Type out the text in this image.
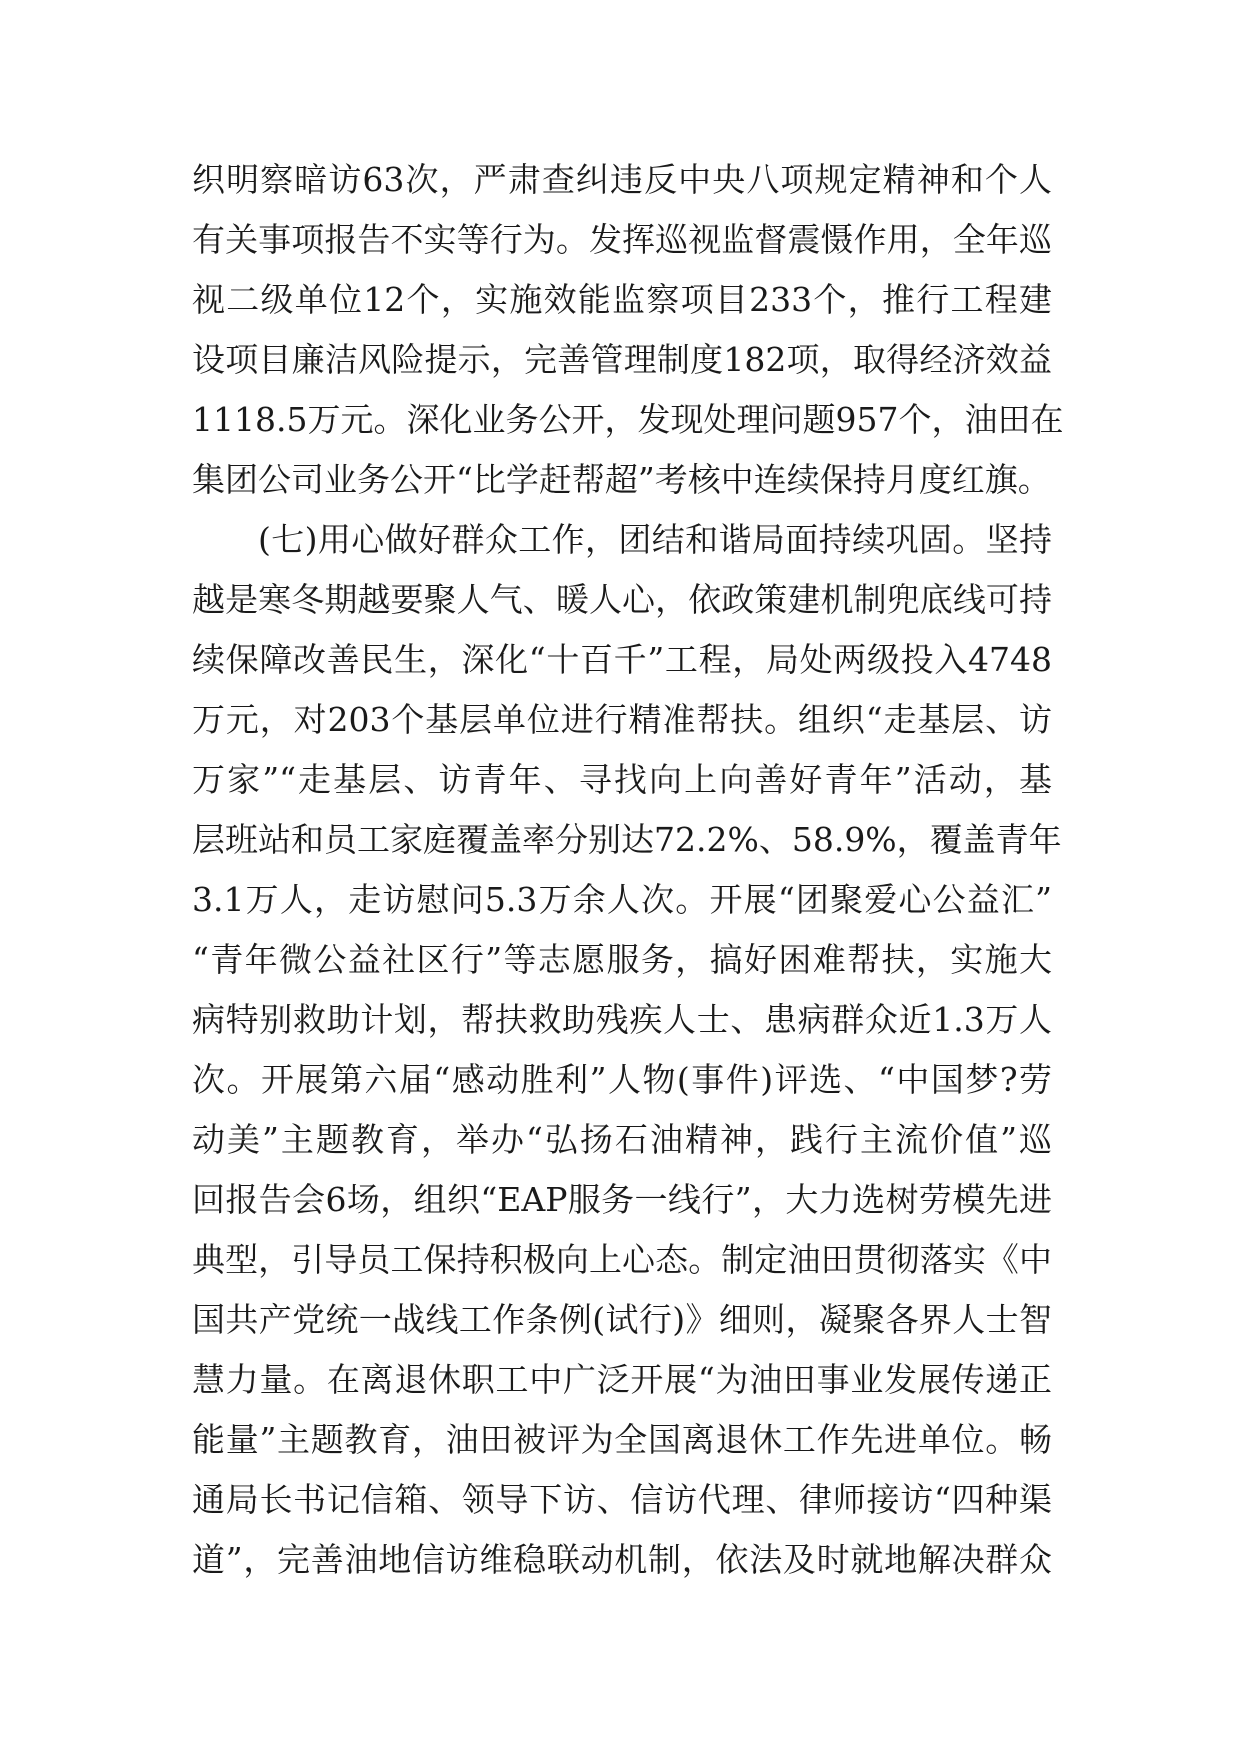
织明察暗访63次，严肃查纠违反中央八项规定精神和个人
有关事项报告不实等行为。发挥巡视监督震慑作用，全年巡
视二级单位12个，实施效能监察项目233个，推行工程建
设项目廉洁风险提示，完善管理制度182项，取得经济效益
1118.5万元。深化业务公开，发现处理问题957个，油田在
集团公司业务公开“比学赶帮超”考核中连续保持月度红旗。
(七)用心做好群众工作，团结和谐局面持续巩固。坚持
越是寒冬期越要聚人气、暖人心，依政策建机制兜底线可持
续保障改善民生，深化“十百千”工程，局处两级投入4748
万元，对203个基层单位进行精准帮扶。组织“走基层、访
万家”“走基层、访青年、寻找向上向善好青年”活动，基
层班站和员工家庭覆盖率分别达72.2%、58.9%，覆盖青年
3.1万人，走访慰问5.3万余人次。开展“团聚爱心公益汇”
“青年微公益社区行”等志愿服务，搞好困难帮扶，实施大
病特别救助计划，帮扶救助残疾人士、患病群众近1.3万人
次。开展第六届“感动胜利”人物(事件)评选、“中国梦?劳
动美”主题教育，举办“弘扬石油精神，践行主流价值”巡
回报告会6场，组织“EAP服务一线行”，大力选树劳模先进
典型，引导员工保持积极向上心态。制定油田贯彻落实《中
国共产党统一战线工作条例(试行)》细则，凝聚各界人士智
慧力量。在离退休职工中广泛开展“为油田事业发展传递正
能量”主题教育，油田被评为全国离退休工作先进单位。畅
通局长书记信箱、领导下访、信访代理、律师接访“四种渠
道”，完善油地信访维稳联动机制，依法及时就地解决群众
